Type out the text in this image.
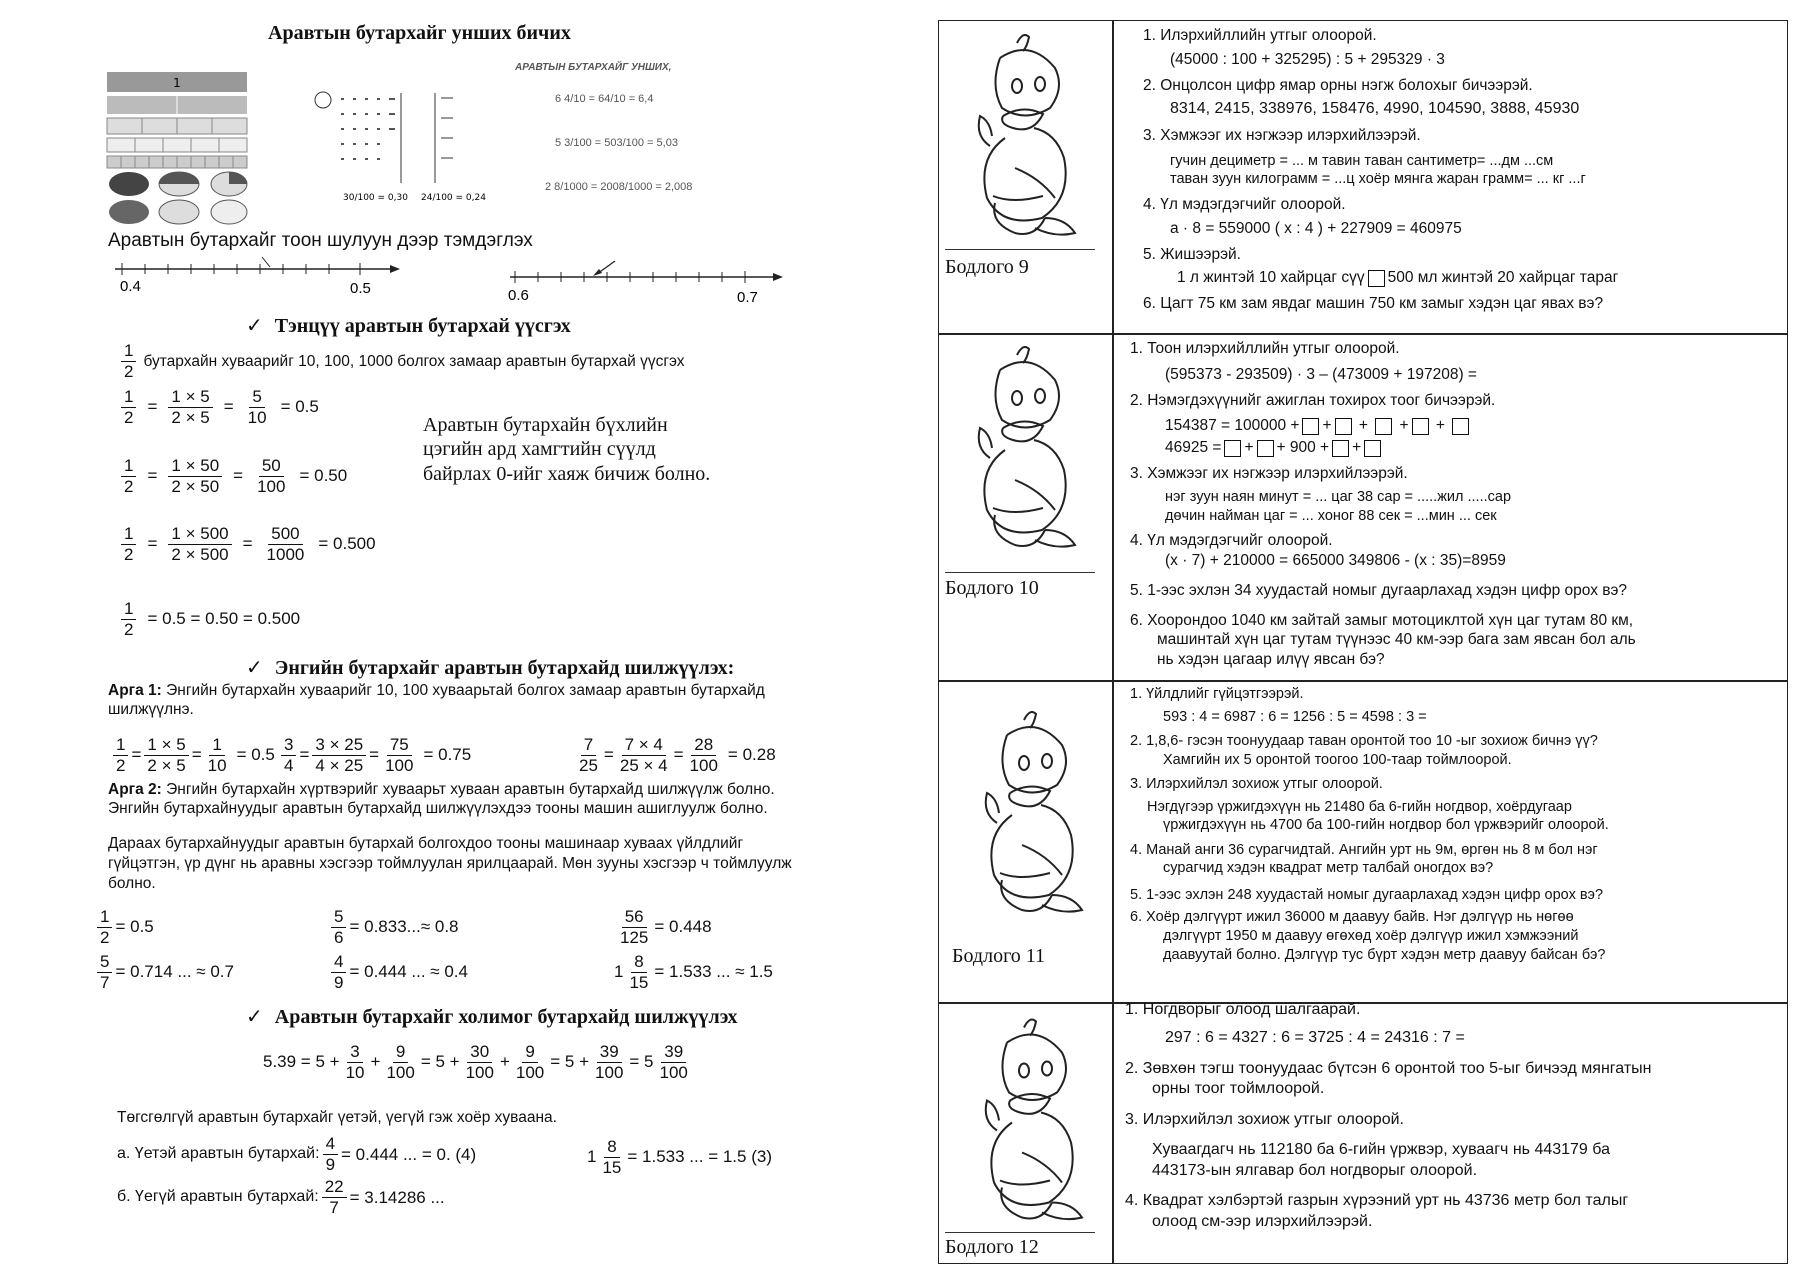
Аравтын бутархайг унших бичих
1
30/100 = 0,30 24/100 = 0,24
АРАВТЫН БУТАРХАЙГ УНШИХ,
6 4/10 = 64/10 = 6,4
5 3/100 = 503/100 = 5,03
2 8/1000 = 2008/1000 = 2,008
Аравтын бутархайг тоон шулуун дээр тэмдэглэх
0.4	0.5	0.6	0.7
✓ Тэнцүү аравтын бутархай үүсгэх
$\frac{1}{2}$ бутархайн хуваарийг 10, 100, 1000 болгох замаар аравтын бутархай үүсгэх
$\frac{1}{2} = \frac{1 \times 5}{2 \times 5} = \frac{5}{10} = 0.5$
$\frac{1}{2} = \frac{1 \times 50}{2 \times 50} = \frac{50}{100} = 0.50$
$\frac{1}{2} = \frac{1 \times 500}{2 \times 500} = \frac{500}{1000} = 0.500$
$\frac{1}{2} = 0.5 = 0.50 = 0.500$
Аравтын бутархайн бүхлийн цэгийн ард хамгтийн сүүлд байрлах 0-ийг хаяж бичиж болно.
✓ Энгийн бутархайг аравтын бутархайд шилжүүлэх:
Арга 1: Энгийн бутархайн хуваарийг 10, 100 хуваарьтай болгох замаар аравтын бутархайд шилжүүлнэ.
$\frac{1}{2} = \frac{1 \times 5}{2 \times 5} = \frac{1}{10} = 0.5 \frac{3}{4} = \frac{3 \times 25}{4 \times 25} = \frac{75}{100} = 0.75$	$\frac{7}{25} = \frac{7 \times 4}{25 \times 4} = \frac{28}{100} = 0.28$
Арга 2: Энгийн бутархайн хүртвэрийг хуваарьт хуваан аравтын бутархайд шилжүүлж болно.
Энгийн бутархайнуудыг аравтын бутархайд шилжүүлэхдээ тооны машин ашиглуулж болно.
Дараах бутархайнуудыг аравтын бутархай болгохдоо тооны машинаар хуваах үйлдлийг
гүйцэтгэн, үр дүнг нь аравны хэсгээр тоймлуулан ярилцаарай. Мөн зууны хэсгээр ч тоймлуулж
болно.
$\frac{1}{2} = 0.5$	$\frac{5}{6} = 0.833...\approx 0.8$	$\frac{56}{125} = 0.448$
$\frac{5}{7} = 0.714$ ... ≈ 0.7	$\frac{4}{9} = 0.444$ ... ≈ 0.4	$1 \frac{8}{15} = 1.533$ ... ≈ 1.5
✓ Аравтын бутархайг холимог бутархайд шилжүүлэх
$5.39 = 5 + \frac{3}{10} + \frac{9}{100} = 5 + \frac{30}{100} + \frac{9}{100} = 5 + \frac{39}{100} = 5 \frac{39}{100}$
Төгсгөлгүй аравтын бутархайг үетэй, үегүй гэж хоёр хуваана.
а. Үетэй аравтын бутархай: $\frac{4}{9} = 0.444$ ... = 0. (4)	$1 \frac{8}{15} = 1.533$ ... = 1.5 (3)
б. Үегүй аравтын бутархай: $\frac{22}{7} = 3.14286$ ...
Бодлого 9
Бодлого 10
Бодлого 11
Бодлого 12
1. Илэрхийллийн утгыг олоорой.
(45000 : 100 + 325295) : 5 + 295329 · 3
2. Онцолсон цифр ямар орны нэгж болохыг бичээрэй.
8314, 2415, 338976, 158476, 4990, 104590, 3888, 45930
3. Хэмжээг их нэгжээр илэрхийлээрэй.
гучин дециметр = ... м тавин таван сантиметр= ...дм ...см
таван зуун килограмм = ...ц хоёр мянга жаран грамм= ... кг ...г
4. Үл мэдэгдэгчийг олоорой.
а · 8 = 559000 ( х : 4 ) + 227909 = 460975
5. Жишээрэй.
1 л жинтэй 10 хайрцаг сүү 500 мл жинтэй 20 хайрцаг тараг
6. Цагт 75 км зам явдаг машин 750 км замыг хэдэн цаг явах вэ?
1. Тоон илэрхийллийн утгыг олоорой.
(595373 - 293509) · 3 – (473009 + 197208) =
2. Нэмэгдэхүүнийг ажиглан тохирох тоог бичээрэй.
154387 = 100000 + + +  + +
46925 = + + 900 + +
3. Хэмжээг их нэгжээр илэрхийлээрэй.
нэг зуун наян минут = ... цаг 38 сар = .....жил .....сар
дөчин найман цаг = ... хоног 88 сек = ...мин ... сек
4. Үл мэдэгдэгчийг олоорой.
(х · 7) + 210000 = 665000 349806 - (х : 35)=8959
5. 1-ээс эхлэн 34 хуудастай номыг дугаарлахад хэдэн цифр орох вэ?
6. Хоорондоо 1040 км зайтай замыг мотоциклтой хүн цаг тутам 80 км,
машинтай хүн цаг тутам түүнээс 40 км-ээр бага зам явсан бол аль
нь хэдэн цагаар илүү явсан бэ?
1. Үйлдлийг гүйцэтгээрэй.
593 : 4 = 6987 : 6 = 1256 : 5 = 4598 : 3 =
2. 1,8,6- гэсэн тоонуудаар таван оронтой тоо 10 -ыг зохиож бичнэ үү?
Хамгийн их 5 оронтой тоогоо 100-таар тоймлоорой.
3. Илэрхийлэл зохиож утгыг олоорой.
Нэгдүгээр үржигдэхүүн нь 21480 ба 6-гийн ногдвор, хоёрдугаар
үржигдэхүүн нь 4700 ба 100-гийн ногдвор бол үржвэрийг олоорой.
4. Манай анги 36 сурагчидтай. Ангийн урт нь 9м, өргөн нь 8 м бол нэг
сурагчид хэдэн квадрат метр талбай оногдох вэ?
5. 1-ээс эхлэн 248 хуудастай номыг дугаарлахад хэдэн цифр орох вэ?
6. Хоёр дэлгүүрт ижил 36000 м даавуу байв. Нэг дэлгүүр нь нөгөө
дэлгүүрт 1950 м даавуу өгөхөд хоёр дэлгүүр ижил хэмжээний
даавуутай болно. Дэлгүүр тус бүрт хэдэн метр даавуу байсан бэ?
1. Ногдворыг олоод шалгаарай.
297 : 6 = 4327 : 6 = 3725 : 4 = 24316 : 7 =
2. Зөвхөн тэгш тоонуудаас бүтсэн 6 оронтой тоо 5-ыг бичээд мянгатын
орны тоог тоймлоорой.
3. Илэрхийлэл зохиож утгыг олоорой.
Хуваагдагч нь 112180 ба 6-гийн үржвэр, хуваагч нь 443179 ба
443173-ын ялгавар бол ногдворыг олоорой.
4. Квадрат хэлбэртэй газрын хүрээний урт нь 43736 метр бол талыг
олоод см-ээр илэрхийлээрэй.
